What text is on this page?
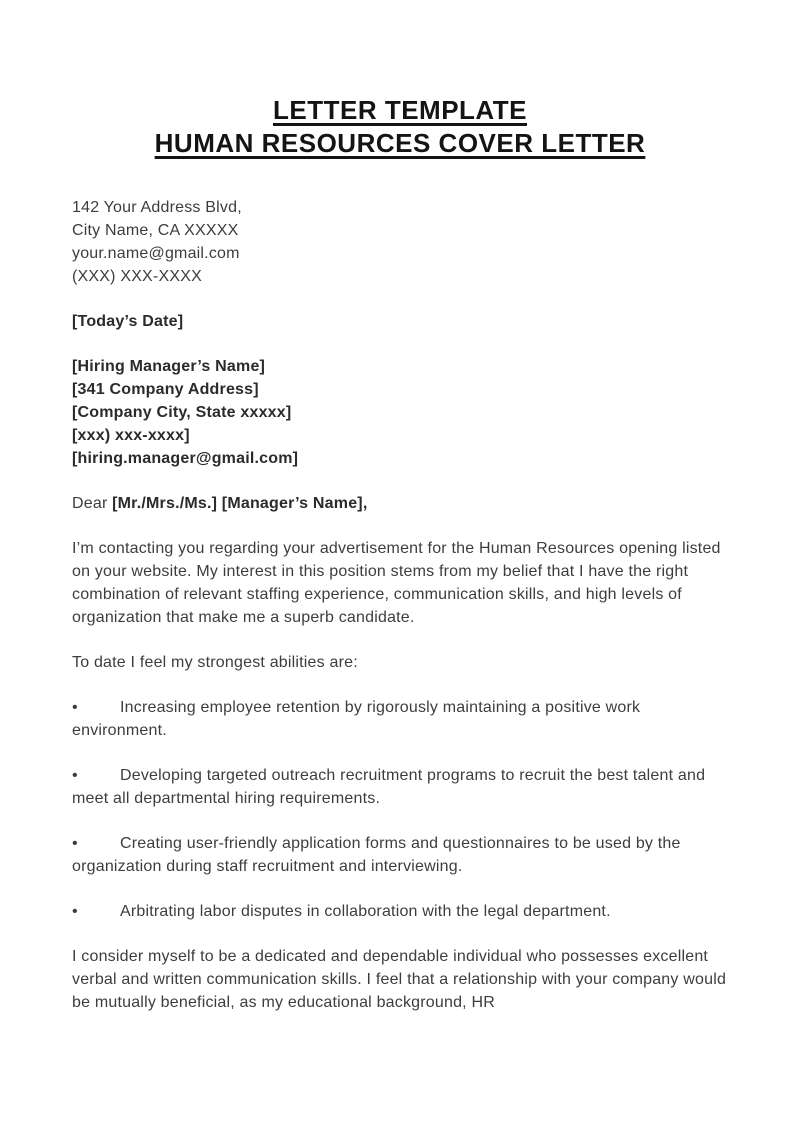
LETTER TEMPLATE
HUMAN RESOURCES COVER LETTER
142 Your Address Blvd,
City Name, CA XXXXX
your.name@gmail.com
(XXX) XXX-XXXX

[Today’s Date]

[Hiring Manager’s Name]
[341 Company Address]
[Company City, State xxxxx]
[xxx) xxx-xxxx]
[hiring.manager@gmail.com]

Dear [Mr./Mrs./Ms.] [Manager’s Name],

I’m contacting you regarding your advertisement for the Human Resources opening listed on your website. My interest in this position stems from my belief that I have the right combination of relevant staffing experience, communication skills, and high levels of organization that make me a superb candidate.

To date I feel my strongest abilities are:

•	Increasing employee retention by rigorously maintaining a positive work environment.
•	Developing targeted outreach recruitment programs to recruit the best talent and meet all departmental hiring requirements.
•	Creating user-friendly application forms and questionnaires to be used by the organization during staff recruitment and interviewing.
•	Arbitrating labor disputes in collaboration with the legal department.

I consider myself to be a dedicated and dependable individual who possesses excellent verbal and written communication skills. I feel that a relationship with your company would be mutually beneficial, as my educational background, HR
